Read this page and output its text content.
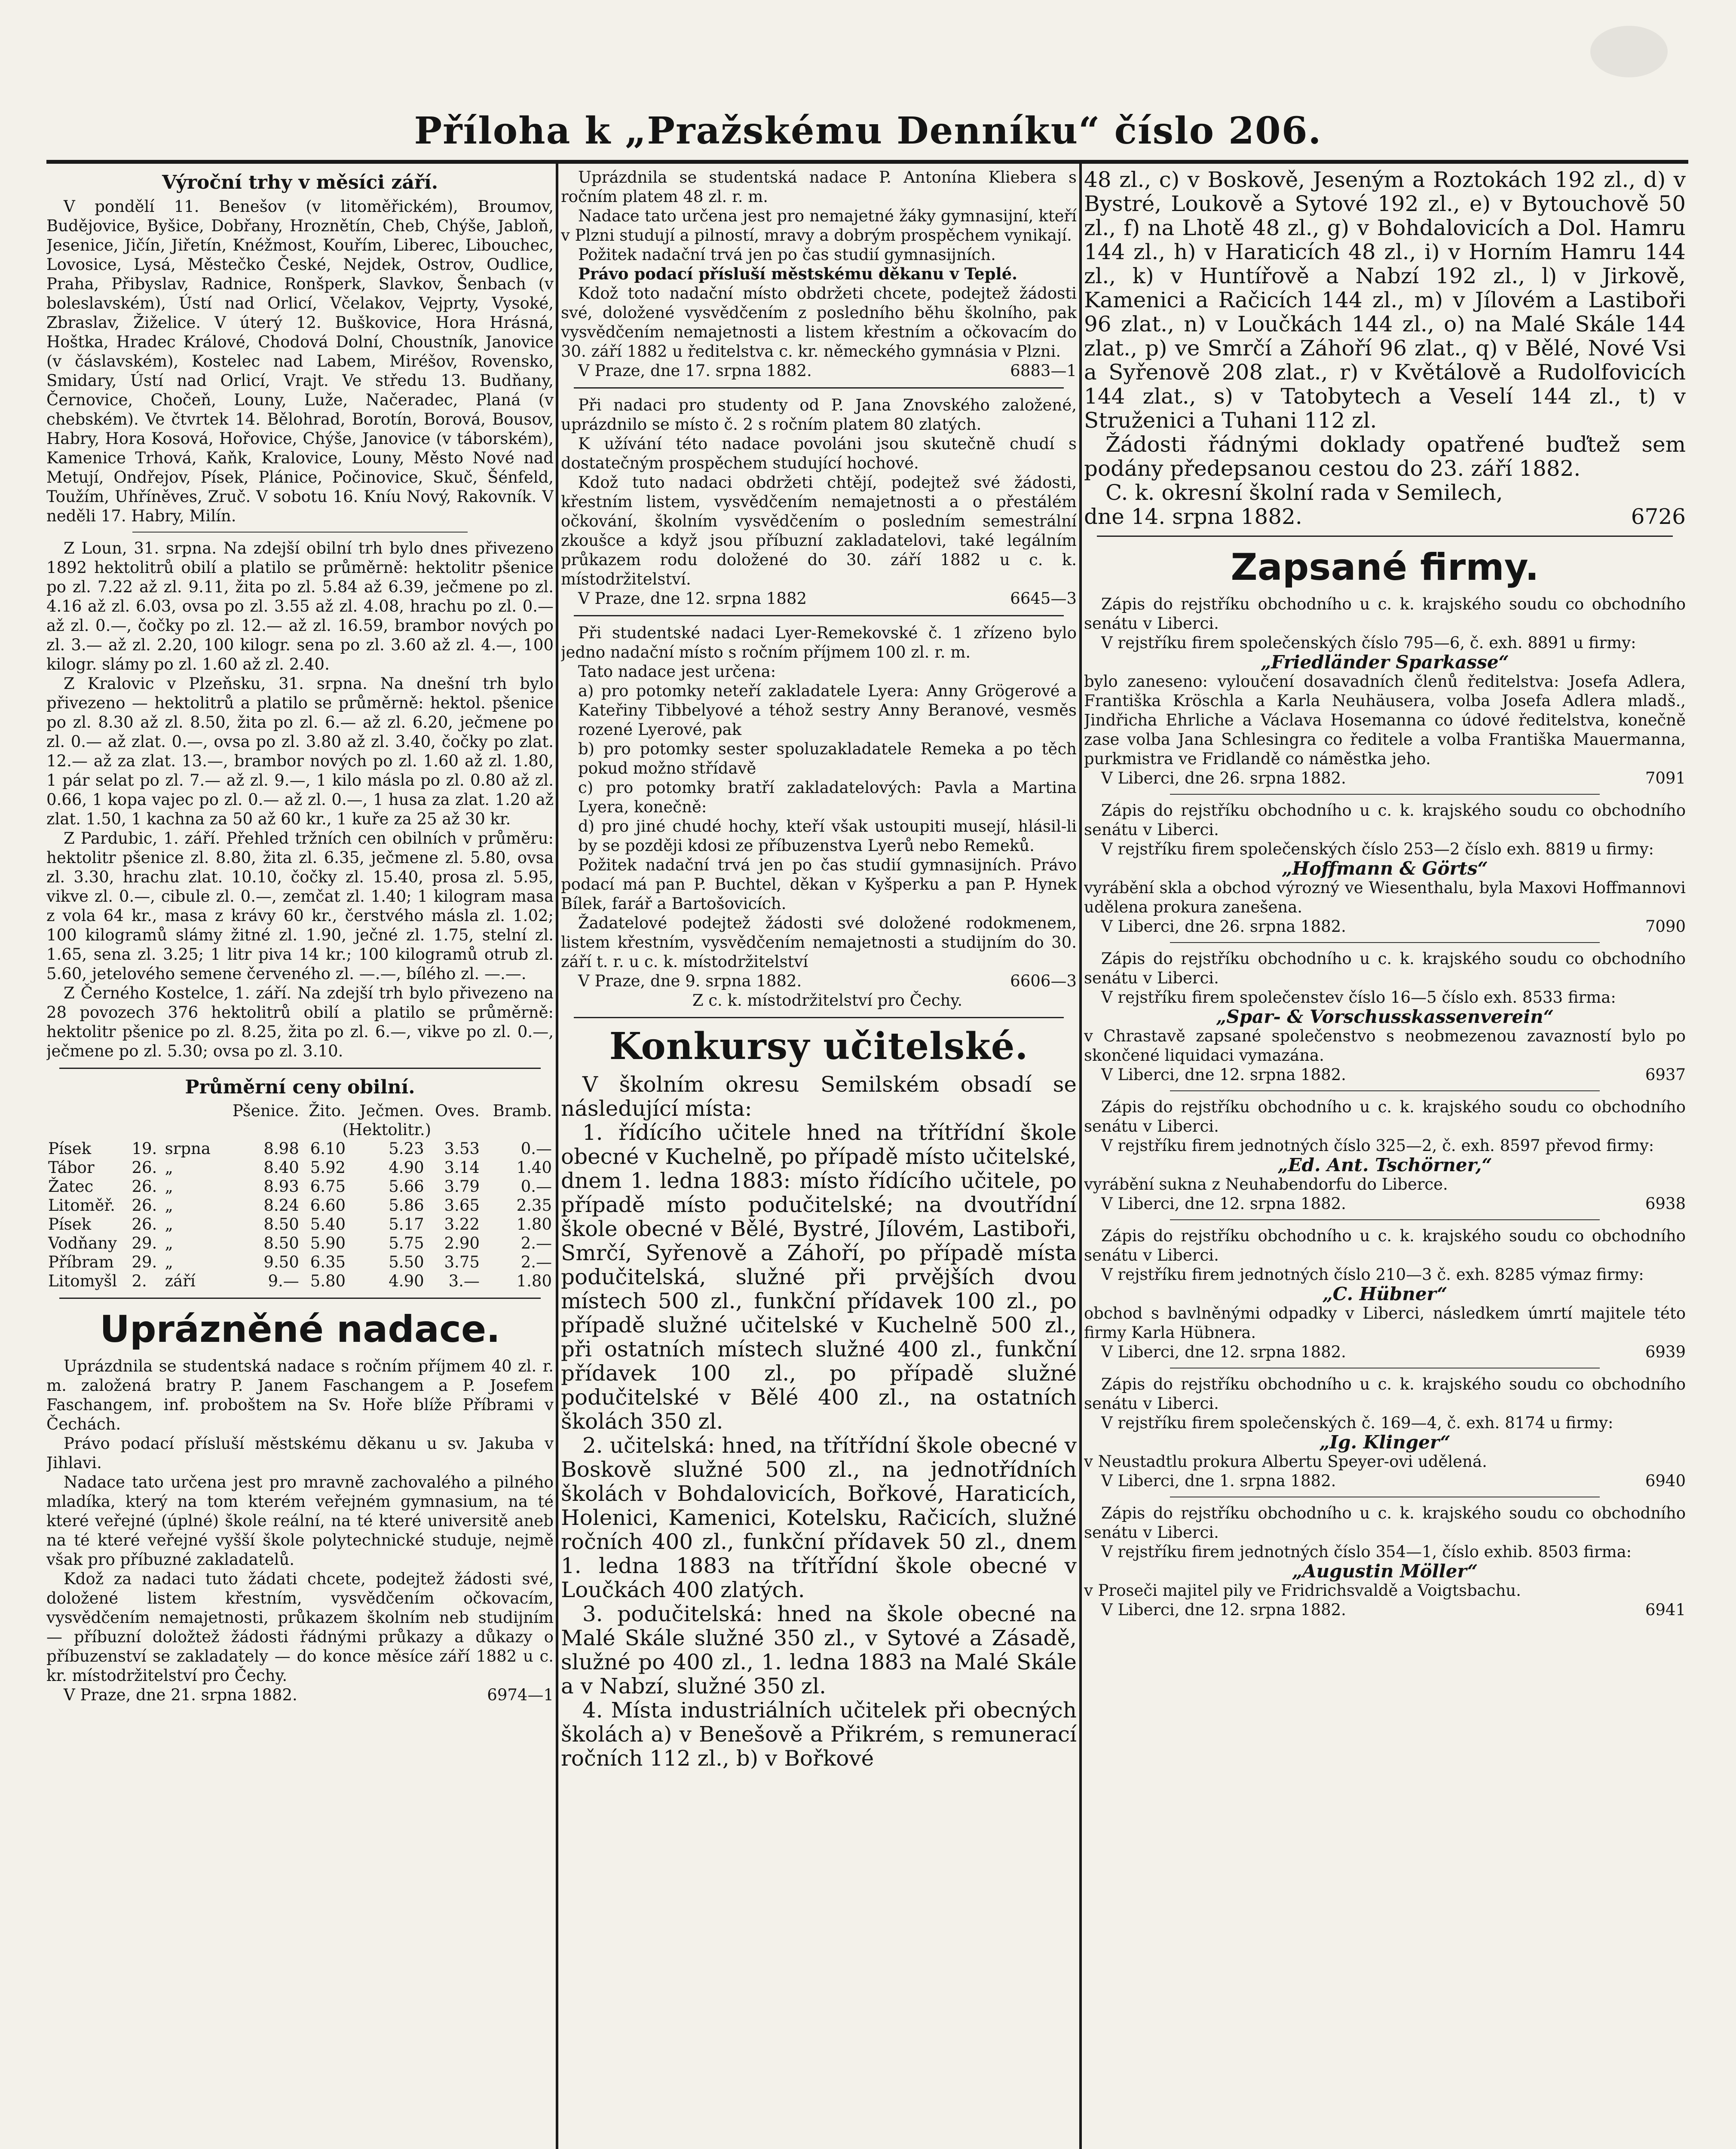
Příloha k „Pražskému Denníku“ číslo 206.
Výroční trhy v měsíci září.

V pondělí 11. Benešov (v litoměřickém), Broumov, Budějovice, Byšice, Dobřany, Hroznětín, Cheb, Chýše, Jabloň, Jesenice, Jičín, Jiřetín, Knéžmost, Kouřím, Liberec, Libouchec, Lovosice, Lysá, Městečko České, Nejdek, Ostrov, Oudlice, Praha, Přibyslav, Radnice, Ronšperk, Slavkov, Šenbach (v boleslavském), Ústí nad Orlicí, Včelakov, Vejprty, Vysoké, Zbraslav, Žiželice. V úterý 12. Buškovice, Hora Hrásná, Hoštka, Hradec Králové, Chodová Dolní, Choustník, Janovice (v čáslavském), Kostelec nad Labem, Miréšov, Rovensko, Smidary, Ústí nad Orlicí, Vrajt. Ve středu 13. Budňany, Černovice, Chočeň, Louny, Luže, Načeradec, Planá (v chebském). Ve čtvrtek 14. Bělohrad, Borotín, Borová, Bousov, Habry, Hora Kosová, Hořovice, Chýše, Janovice (v táborském), Kamenice Trhová, Kaňk, Kralovice, Louny, Město Nové nad Metují, Ondřejov, Písek, Plánice, Počinovice, Skuč, Šénfeld, Toužím, Uhříněves, Zruč. V sobotu 16. Kníu Nový, Rakovník. V neděli 17. Habry, Milín.

Z Loun, 31. srpna. Na zdejší obilní trh bylo dnes přivezeno 1892 hektolitrů obilí a platilo se průměrně: hektolitr pšenice po zl. 7.22 až zl. 9.11, žita po zl. 5.84 až 6.39, ječmene po zl. 4.16 až zl. 6.03, ovsa po zl. 3.55 až zl. 4.08, hrachu po zl. 0.— až zl. 0.—, čočky po zl. 12.— až zl. 16.59, brambor nových po zl. 3.— až zl. 2.20, 100 kilogr. sena po zl. 3.60 až zl. 4.—, 100 kilogr. slámy po zl. 1.60 až zl. 2.40.

Z Kralovic v Plzeňsku, 31. srpna. Na dnešní trh bylo přivezeno — hektolitrů a platilo se průměrně: hektol. pšenice po zl. 8.30 až zl. 8.50, žita po zl. 6.— až zl. 6.20, ječmene po zl. 0.— až zlat. 0.—, ovsa po zl. 3.80 až zl. 3.40, čočky po zlat. 12.— až za zlat. 13.—, brambor nových po zl. 1.60 až zl. 1.80, 1 pár selat po zl. 7.— až zl. 9.—, 1 kilo másla po zl. 0.80 až zl. 0.66, 1 kopa vajec po zl. 0.— až zl. 0.—, 1 husa za zlat. 1.20 až zlat. 1.50, 1 kachna za 50 až 60 kr., 1 kuře za 25 až 30 kr.

Z Pardubic, 1. září. Přehled tržních cen obilních v průměru: hektolitr pšenice zl. 8.80, žita zl. 6.35, ječmene zl. 5.80, ovsa zl. 3.30, hrachu zlat. 10.10, čočky zl. 15.40, prosa zl. 5.95, vikve zl. 0.—, cibule zl. 0.—, zemčat zl. 1.40; 1 kilogram masa z vola 64 kr., masa z krávy 60 kr., čerstvého másla zl. 1.02; 100 kilogramů slámy žitné zl. 1.90, ječné zl. 1.75, stelní zl. 1.65, sena zl. 3.25; 1 litr piva 14 kr.; 100 kilogramů otrub zl. 5.60, jetelového semene červeného zl. —.—, bílého zl. —.—.

Z Černého Kostelce, 1. září. Na zdejší trh bylo přivezeno na 28 povozech 376 hektolitrů obilí a platilo se průměrně: hektolitr pšenice po zl. 8.25, žita po zl. 6.—, vikve po zl. 0.—, ječmene po zl. 5.30; ovsa po zl. 3.10.

Průměrní ceny obilní.
			Pšenice.	Žito.	Ječmen.	Oves.	Bramb.
			(Hektolitr.)				
Písek	19.	srpna	8.98	6.10	5.23	3.53	0.—
Tábor	26.	„	8.40	5.92	4.90	3.14	1.40
Žatec	26.	„	8.93	6.75	5.66	3.79	0.—
Litoměř.	26.	„	8.24	6.60	5.86	3.65	2.35
Písek	26.	„	8.50	5.40	5.17	3.22	1.80
Vodňany	29.	„	8.50	5.90	5.75	2.90	2.—
Příbram	29.	„	9.50	6.35	5.50	3.75	2.—
Litomyšl	2.	září	9.—	5.80	4.90	3.—	1.80
Uprázněné nadace.

Uprázdnila se studentská nadace s ročním příjmem 40 zl. r. m. založená bratry P. Janem Faschangem a P. Josefem Faschangem, inf. proboštem na Sv. Hoře blíže Příbrami v Čechách.

Právo podací přísluší městskému děkanu u sv. Jakuba v Jihlavi.

Nadace tato určena jest pro mravně zachovalého a pilného mladíka, který na tom kterém veřejném gymnasium, na té které veřejné (úplné) škole reální, na té které universitě aneb na té které veřejné vyšší škole polytechnické studuje, nejmě však pro příbuzné zakladatelů.

Kdož za nadaci tuto žádati chcete, podejtež žádosti své, doložené listem křestním, vysvědčením očkovacím, vysvědčením nemajetnosti, průkazem školním neb studijním — příbuzní doložtež žádosti řádnými průkazy a důkazy o příbuzenství se zakladately — do konce měsíce září 1882 u c. kr. místodržitelství pro Čechy.

V Praze, dne 21. srpna 1882.	6974—1

Uprázdnila se studentská nadace P. Antonína Kliebera s ročním platem 48 zl. r. m.

Nadace tato určena jest pro nemajetné žáky gymnasijní, kteří v Plzni studují a pilností, mravy a dobrým prospěchem vynikají.

Požitek nadační trvá jen po čas studií gymnasijních.

Právo podací přísluší městskému děkanu v Teplé.

Kdož toto nadační místo obdržeti chcete, podejtež žádosti své, doložené vysvědčením z posledního běhu školního, pak vysvědčením nemajetnosti a listem křestním a očkovacím do 30. září 1882 u ředitelstva c. kr. německého gymnásia v Plzni.

V Praze, dne 17. srpna 1882.	6883—1

Při nadaci pro studenty od P. Jana Znovského založené, uprázdnilo se místo č. 2 s ročním platem 80 zlatých.

K užívání této nadace povoláni jsou skutečně chudí s dostatečným prospěchem studující hochové.

Kdož tuto nadaci obdržeti chtějí, podejtež své žádosti, křestním listem, vysvědčením nemajetnosti a o přestálém očkování, školním vysvědčením o posledním semestrální zkoušce a když jsou příbuzní zakladatelovi, také legálním průkazem rodu doložené do 30. září 1882 u c. k. místodržitelství.

V Praze, dne 12. srpna 1882	6645—3

Při studentské nadaci Lyer-Remekovské č. 1 zřízeno bylo jedno nadační místo s ročním příjmem 100 zl. r. m.

Tato nadace jest určena:

a) pro potomky neteří zakladatele Lyera: Anny Grögerové a Kateřiny Tibbelyové a téhož sestry Anny Beranové, vesměs rozené Lyerové, pak

b) pro potomky sester spoluzakladatele Remeka a po těch pokud možno střídavě

c) pro potomky bratří zakladatelových: Pavla a Martina Lyera, konečně:

d) pro jiné chudé hochy, kteří však ustoupiti musejí, hlásil-li by se později kdosi ze příbuzenstva Lyerů nebo Remeků.

Požitek nadační trvá jen po čas studií gymnasijních. Právo podací má pan P. Buchtel, děkan v Kyšperku a pan P. Hynek Bílek, farář a Bartošovicích.

Žadatelové podejtež žádosti své doložené rodokmenem, listem křestním, vysvědčením nemajetnosti a studijním do 30. září t. r. u c. k. místodržitelství

V Praze, dne 9. srpna 1882.	6606—3

Z c. k. místodržitelství pro Čechy.

Konkursy učitelské.

V školním okresu Semilském obsadí se následující místa:

1. řídícího učitele hned na třítřídní škole obecné v Kuchelně, po případě místo učitelské, dnem 1. ledna 1883: místo řídícího učitele, po případě místo podučitelské; na dvoutřídní škole obecné v Bělé, Bystré, Jílovém, Lastiboři, Smrčí, Syřenově a Záhoří, po případě místa podučitelská, služné při prvějších dvou místech 500 zl., funkční přídavek 100 zl., po případě služné učitelské v Kuchelně 500 zl., při ostatních místech služné 400 zl., funkční přídavek 100 zl., po případě služné podučitelské v Bělé 400 zl., na ostatních školách 350 zl.

2. učitelská: hned, na třítřídní škole obecné v Boskově služné 500 zl., na jednotřídních školách v Bohdalovicích, Bořkové, Haraticích, Holenici, Kamenici, Kotelsku, Račicích, služné ročních 400 zl., funkční přídavek 50 zl., dnem 1. ledna 1883 na třítřídní škole obecné v Loučkách 400 zlatých.

3. podučitelská: hned na škole obecné na Malé Skále služné 350 zl., v Sytové a Zásadě, služné po 400 zl., 1. ledna 1883 na Malé Skále a v Nabzí, služné 350 zl.

4. Místa industriálních učitelek při obecných školách a) v Benešově a Přikrém, s remunerací ročních 112 zl., b) v Bořkové

48 zl., c) v Boskově, Jeseným a Roztokách 192 zl., d) v Bystré, Loukově a Sytové 192 zl., e) v Bytouchově 50 zl., f) na Lhotě 48 zl., g) v Bohdalovicích a Dol. Hamru 144 zl., h) v Haraticích 48 zl., i) v Horním Hamru 144 zl., k) v Huntířově a Nabzí 192 zl., l) v Jirkově, Kamenici a Račicích 144 zl., m) v Jílovém a Lastiboři 96 zlat., n) v Loučkách 144 zl., o) na Malé Skále 144 zlat., p) ve Smrčí a Záhoří 96 zlat., q) v Bělé, Nové Vsi a Syřenově 208 zlat., r) v Květálově a Rudolfovicích 144 zlat., s) v Tatobytech a Veselí 144 zl., t) v Struženici a Tuhani 112 zl.

Žádosti řádnými doklady opatřené buďtež sem podány předepsanou cestou do 23. září 1882.

C. k. okresní školní rada v Semilech,

dne 14. srpna 1882.	6726

Zapsané firmy.

Zápis do rejstříku obchodního u c. k. krajského soudu co obchodního senátu v Liberci.

V rejstříku firem společenských číslo 795—6, č. exh. 8891 u firmy:

„Friedländer Sparkasse“

bylo zaneseno: vyloučení dosavadních členů ředitelstva: Josefa Adlera, Františka Kröschla a Karla Neuhäusera, volba Josefa Adlera mladš., Jindřicha Ehrliche a Václava Hosemanna co údové ředitelstva, konečně zase volba Jana Schlesingra co ředitele a volba Františka Mauermanna, purkmistra ve Fridlandě co náměstka jeho.

V Liberci, dne 26. srpna 1882.	7091

Zápis do rejstříku obchodního u c. k. krajského soudu co obchodního senátu v Liberci.

V rejstříku firem společenských číslo 253—2 číslo exh. 8819 u firmy:

„Hoffmann & Görts“

vyrábění skla a obchod výrozný ve Wiesenthalu, byla Maxovi Hoffmannovi udělena prokura zanešena.

V Liberci, dne 26. srpna 1882.	7090

Zápis do rejstříku obchodního u c. k. krajského soudu co obchodního senátu v Liberci.

V rejstříku firem společenstev číslo 16—5 číslo exh. 8533 firma:

„Spar- & Vorschusskassenverein“

v Chrastavě zapsané společenstvo s neobmezenou zavazností bylo po skončené liquidaci vymazána.

V Liberci, dne 12. srpna 1882.	6937

Zápis do rejstříku obchodního u c. k. krajského soudu co obchodního senátu v Liberci.

V rejstříku firem jednotných číslo 325—2, č. exh. 8597 převod firmy:

„Ed. Ant. Tschörner,“

vyrábění sukna z Neuhabendorfu do Liberce.

V Liberci, dne 12. srpna 1882.	6938

Zápis do rejstříku obchodního u c. k. krajského soudu co obchodního senátu v Liberci.

V rejstříku firem jednotných číslo 210—3 č. exh. 8285 výmaz firmy:

„C. Hübner“

obchod s bavlněnými odpadky v Liberci, následkem úmrtí majitele této firmy Karla Hübnera.

V Liberci, dne 12. srpna 1882.	6939

Zápis do rejstříku obchodního u c. k. krajského soudu co obchodního senátu v Liberci.

V rejstříku firem společenských č. 169—4, č. exh. 8174 u firmy:

„Ig. Klinger“

v Neustadtlu prokura Albertu Speyer-ovi udělená.

V Liberci, dne 1. srpna 1882.	6940

Zápis do rejstříku obchodního u c. k. krajského soudu co obchodního senátu v Liberci.

V rejstříku firem jednotných číslo 354—1, číslo exhib. 8503 firma:

„Augustin Möller“

v Proseči majitel pily ve Fridrichsvaldě a Voigtsbachu.

V Liberci, dne 12. srpna 1882.	6941
